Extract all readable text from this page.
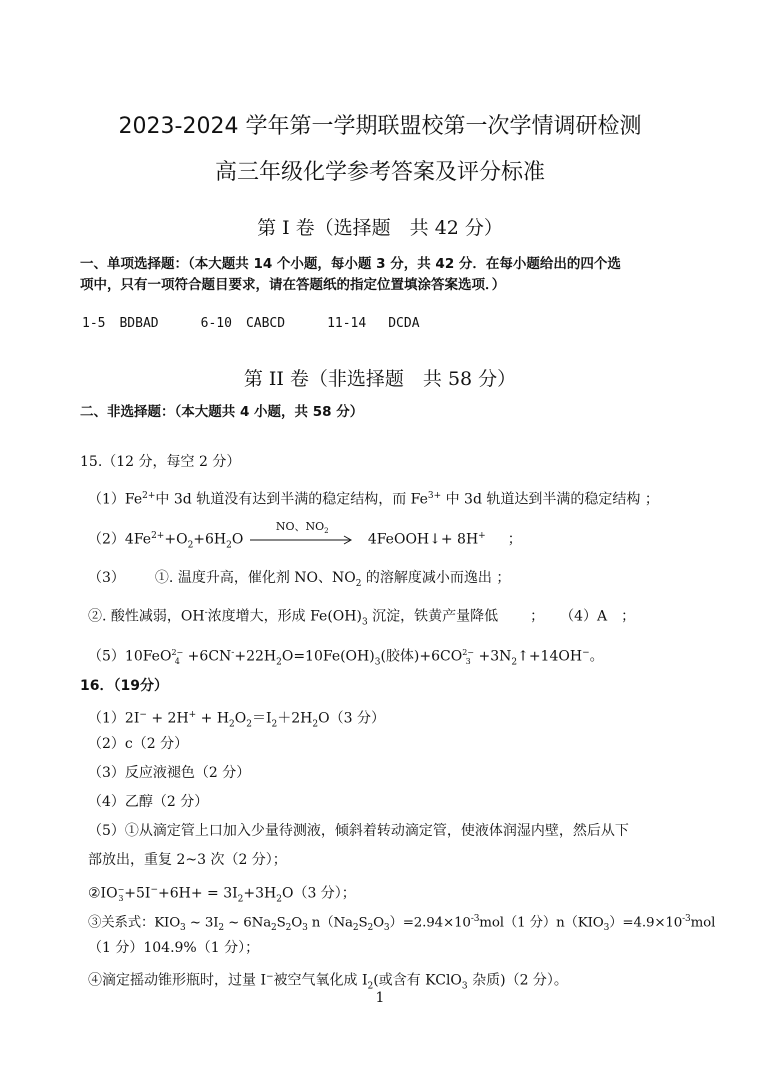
2023-2024 学年第一学期联盟校第一次学情调研检测
高三年级化学参考答案及评分标准
第 I 卷（选择题　共 42 分）
一、单项选择题：（本大题共 14 个小题，每小题 3 分，共 42 分．在每小题给出的四个选
项中，只有一项符合题目要求，请在答题纸的指定位置填涂答案选项．）
1-5 BDBAD	6-10 CABCD	11-14 DCDA
第 II 卷（非选择题　共 58 分）
二、非选择题：（本大题共 4 小题，共 58 分）
15.（12 分，每空 2 分）
$(1)Fe^{2+}$中 3d 轨道没有达到半满的稳定结构，而 $Fe^{3+}$ 中 3d 轨道达到半满的稳定结构 ；
$(2)4Fe^{2+}+O_2+6H_2O$
NO、$NO_2$
4FeOOH↓+ 8H+ ；
（3） ①. 温度升高，催化剂 NO、$NO_2$ 的溶解度减小而逸出 ；
②. 酸性减弱，OH-浓度增大，形成 $Fe(OH)_3$ 沉淀，铁黄产量降低 ； （4）A ；
（5）10FeO 2−
$4 +6CN^-+22H_2O=10Fe(OH)_3$(胶体)+6CO 2−
$3 +3N_2↑+14OH^-$。
16．（19分）
$(1)2I^- + 2H^+ + H_2O_2=I_2+2H_2O(3$ 分）
（2）c（2 分）
（3）反应液褪色（2 分）
（4）乙醇（2 分）
（5）①从滴定管上口加入少量待测液，倾斜着转动滴定管，使液体润湿内壁，然后从下
部放出，重复 2~3 次（2 分）；
②IO −
$3 +5I^-+6H+ = 3I_2+3H_2O(3$ 分）；
③关系式：$KIO_3$ ~ $3I_2$ ~ $6Na_2S_2O_3$ $n(Na_2S_2O_3)=2.94\times 10^{-3}mol(1$ 分）$n(KIO_3)=4.9\times 10^{-3}mol$
（1 分）104.9%（1 分）；
④滴定摇动锥形瓶时，过量 I−被空气氧化成 $I_2$(或含有 KClO$_3$ 杂质)（2 分）。
1
